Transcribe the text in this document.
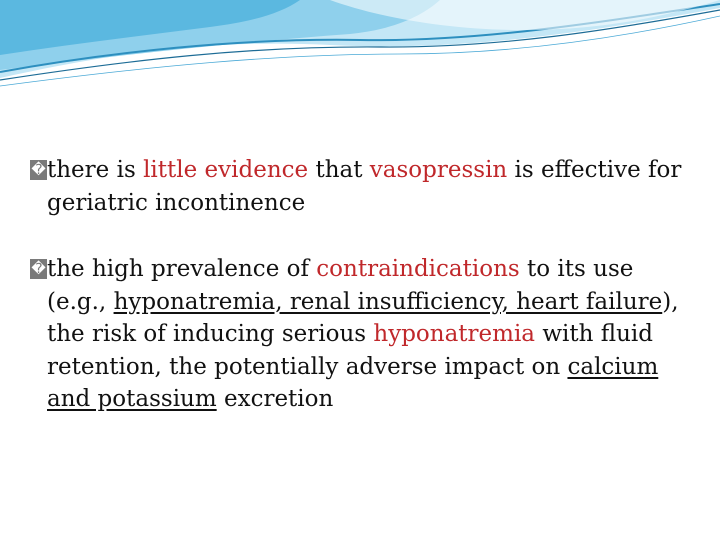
� there is little evidence that vasopressin is effective for geriatric incontinence
� the high prevalence of contraindications to its use (e.g., hyponatremia, renal insufficiency, heart failure), the risk of inducing serious hyponatremia with fluid retention, the potentially adverse impact on calcium and potassium excretion
